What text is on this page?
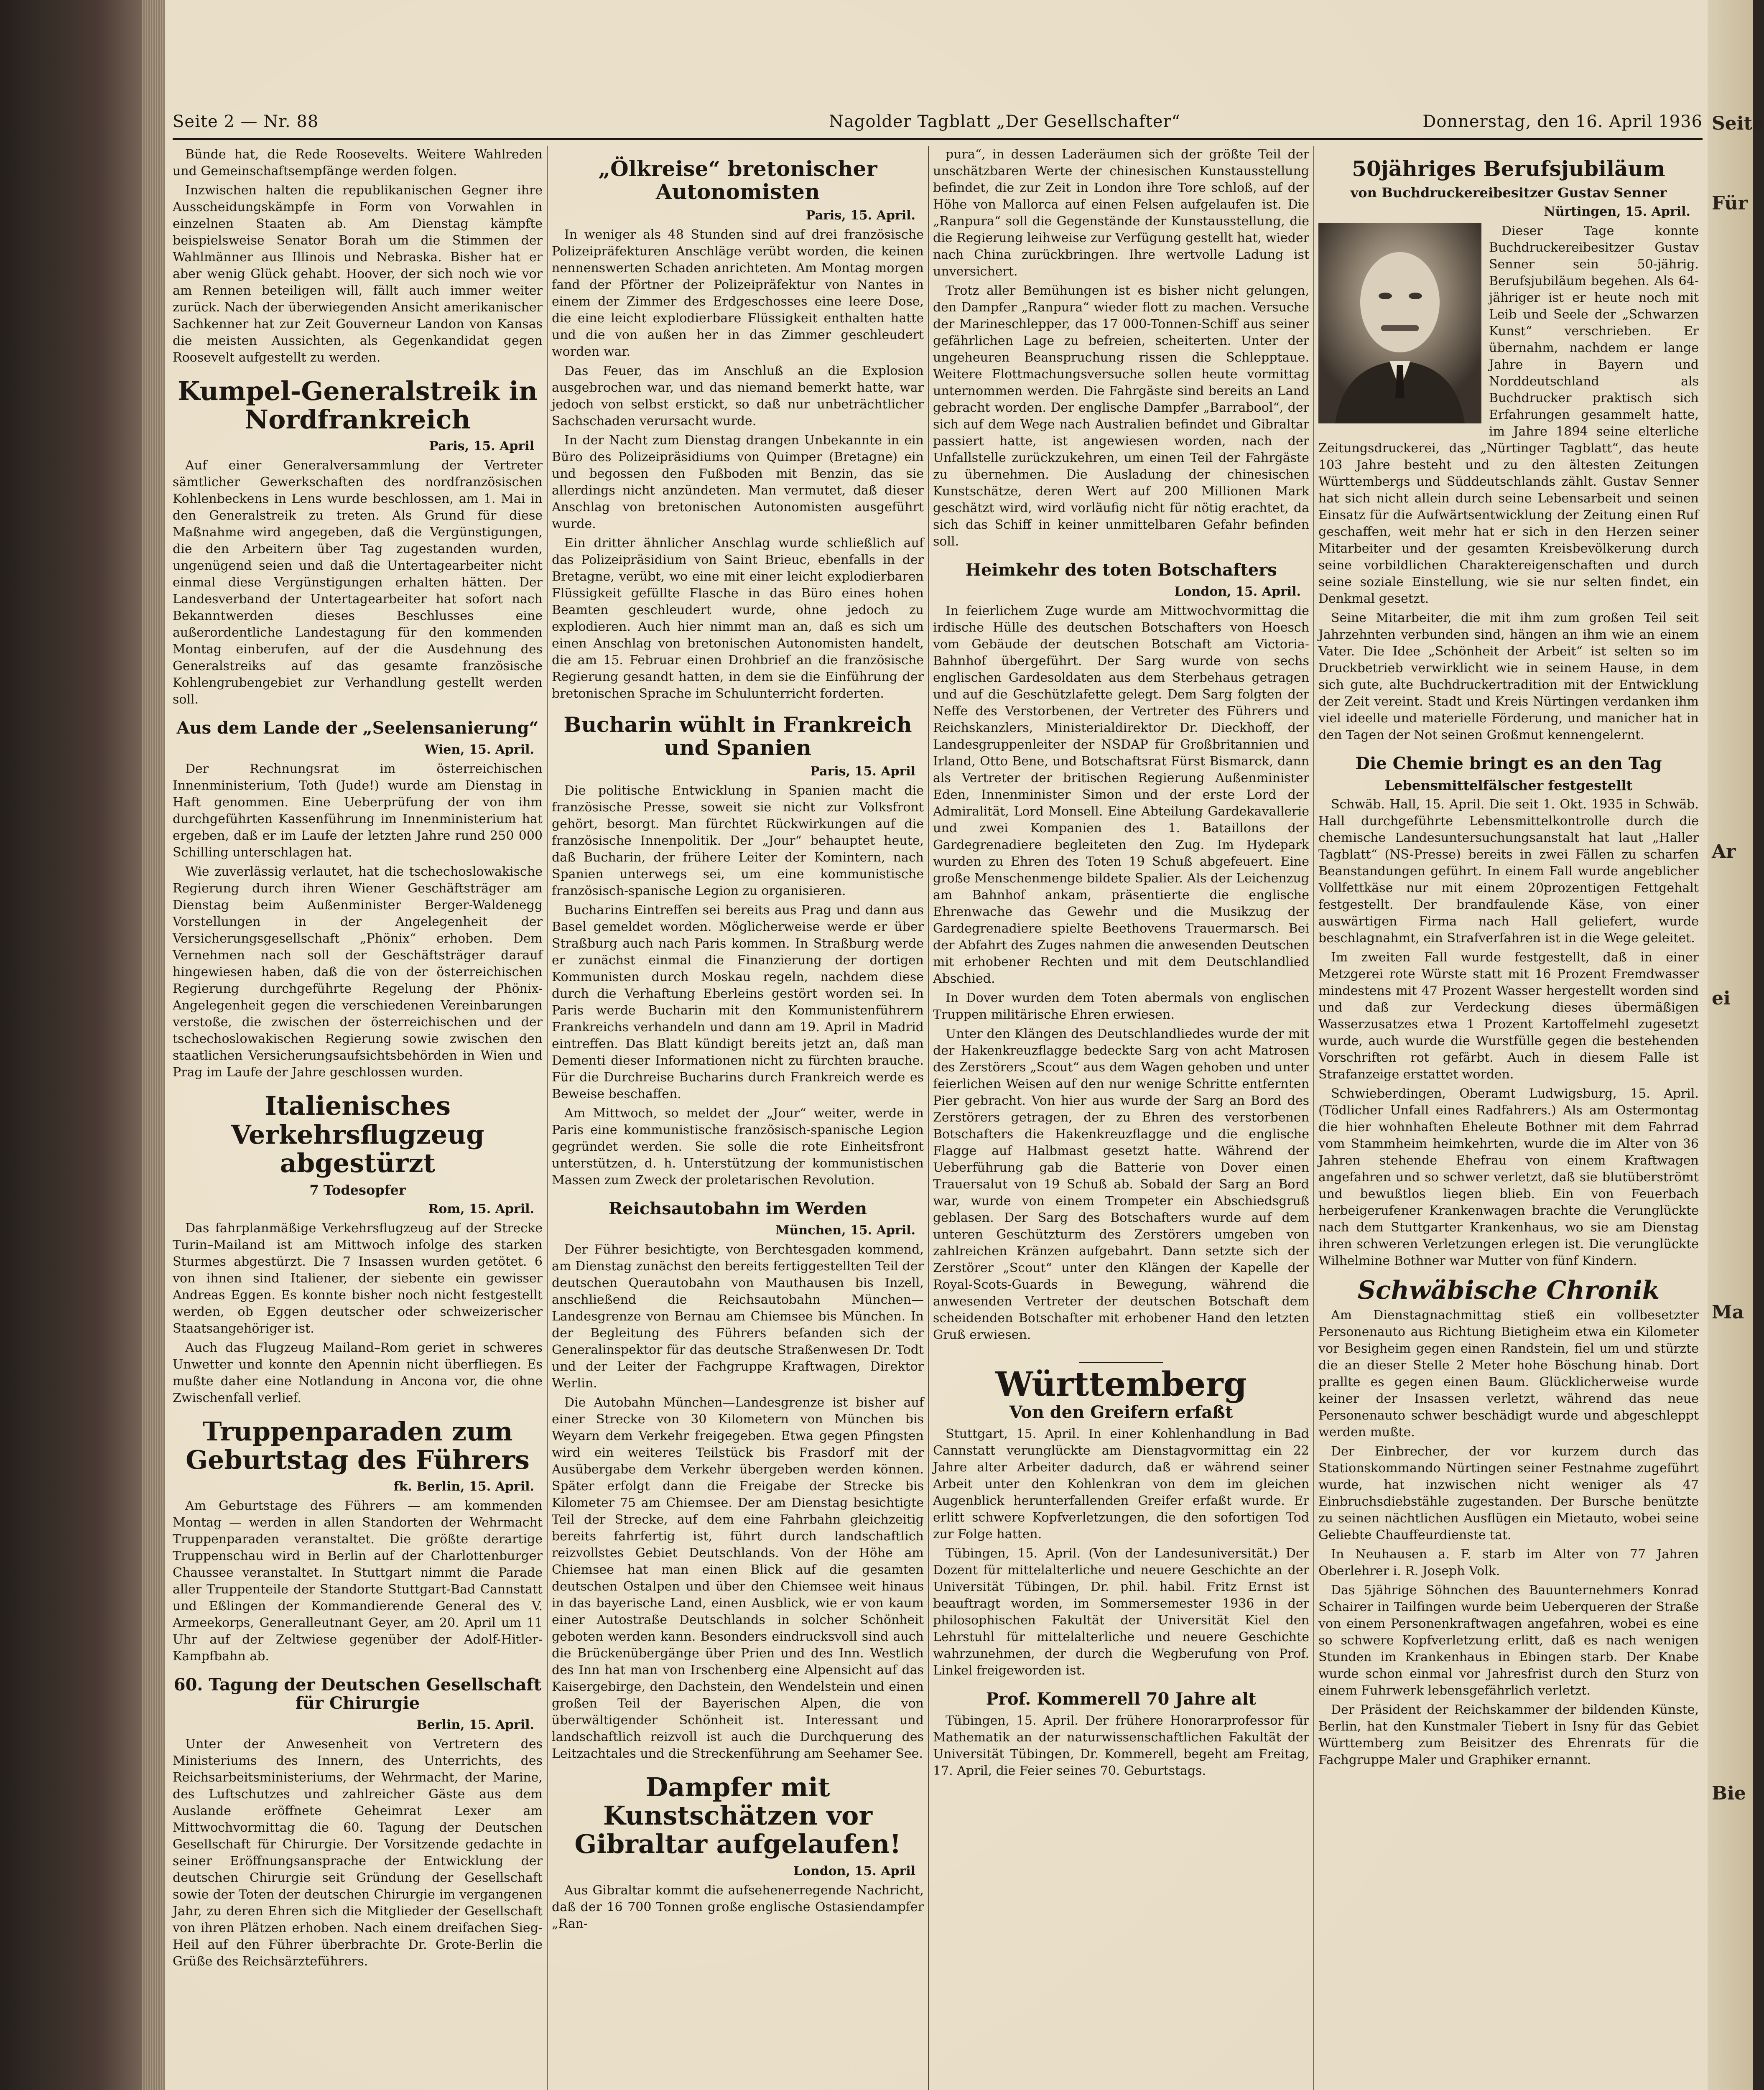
Seite 2 — Nr. 88	Nagolder Tagblatt „Der Gesellschafter“	Donnerstag, den 16. April 1936

Bünde hat, die Rede Roosevelts. Weitere Wahlreden und Gemeinschaftsempfänge werden folgen.

Inzwischen halten die republikanischen Gegner ihre Ausscheidungskämpfe in Form von Vorwahlen in einzelnen Staaten ab. Am Dienstag kämpfte beispielsweise Senator Borah um die Stimmen der Wahlmänner aus Illinois und Nebraska. Bisher hat er aber wenig Glück gehabt. Hoover, der sich noch wie vor am Rennen beteiligen will, fällt auch immer weiter zurück. Nach der überwiegenden Ansicht amerikanischer Sachkenner hat zur Zeit Gouverneur Landon von Kansas die meisten Aussichten, als Gegenkandidat gegen Roosevelt aufgestellt zu werden.

Kumpel-Generalstreik in Nordfrankreich
Paris, 15. April

Auf einer Generalversammlung der Vertreter sämtlicher Gewerkschaften des nordfranzösischen Kohlenbeckens in Lens wurde beschlossen, am 1. Mai in den Generalstreik zu treten. Als Grund für diese Maßnahme wird angegeben, daß die Vergünstigungen, die den Arbeitern über Tag zugestanden wurden, ungenügend seien und daß die Untertagearbeiter nicht einmal diese Vergünstigungen erhalten hätten. Der Landesverband der Untertagearbeiter hat sofort nach Bekanntwerden dieses Beschlusses eine außerordentliche Landestagung für den kommenden Montag einberufen, auf der die Ausdehnung des Generalstreiks auf das gesamte französische Kohlengrubengebiet zur Verhandlung gestellt werden soll.

Aus dem Lande der „Seelensanierung“
Wien, 15. April.

Der Rechnungsrat im österreichischen Innenministerium, Toth (Jude!) wurde am Dienstag in Haft genommen. Eine Ueberprüfung der von ihm durchgeführten Kassenführung im Innenministerium hat ergeben, daß er im Laufe der letzten Jahre rund 250 000 Schilling unterschlagen hat.

Wie zuverlässig verlautet, hat die tschechoslowakische Regierung durch ihren Wiener Geschäftsträger am Dienstag beim Außenminister Berger-Waldenegg Vorstellungen in der Angelegenheit der Versicherungsgesellschaft „Phönix“ erhoben. Dem Vernehmen nach soll der Geschäftsträger darauf hingewiesen haben, daß die von der österreichischen Regierung durchgeführte Regelung der Phönix-Angelegenheit gegen die verschiedenen Vereinbarungen verstoße, die zwischen der österreichischen und der tschechoslowakischen Regierung sowie zwischen den staatlichen Versicherungsaufsichtsbehörden in Wien und Prag im Laufe der Jahre geschlossen wurden.

Italienisches Verkehrsflugzeug abgestürzt
7 Todesopfer
Rom, 15. April.

Das fahrplanmäßige Verkehrsflugzeug auf der Strecke Turin–Mailand ist am Mittwoch infolge des starken Sturmes abgestürzt. Die 7 Insassen wurden getötet. 6 von ihnen sind Italiener, der siebente ein gewisser Andreas Eggen. Es konnte bisher noch nicht festgestellt werden, ob Eggen deutscher oder schweizerischer Staatsangehöriger ist.

Auch das Flugzeug Mailand–Rom geriet in schweres Unwetter und konnte den Apennin nicht überfliegen. Es mußte daher eine Notlandung in Ancona vor, die ohne Zwischenfall verlief.

Truppenparaden zum Geburtstag des Führers
fk. Berlin, 15. April.

Am Geburtstage des Führers — am kommenden Montag — werden in allen Standorten der Wehrmacht Truppenparaden veranstaltet. Die größte derartige Truppenschau wird in Berlin auf der Charlottenburger Chaussee veranstaltet. In Stuttgart nimmt die Parade aller Truppenteile der Standorte Stuttgart-Bad Cannstatt und Eßlingen der Kommandierende General des V. Armeekorps, Generalleutnant Geyer, am 20. April um 11 Uhr auf der Zeltwiese gegenüber der Adolf-Hitler-Kampfbahn ab.

60. Tagung der Deutschen Gesellschaft für Chirurgie
Berlin, 15. April.

Unter der Anwesenheit von Vertretern des Ministeriums des Innern, des Unterrichts, des Reichsarbeitsministeriums, der Wehrmacht, der Marine, des Luftschutzes und zahlreicher Gäste aus dem Auslande eröffnete Geheimrat Lexer am Mittwochvormittag die 60. Tagung der Deutschen Gesellschaft für Chirurgie. Der Vorsitzende gedachte in seiner Eröffnungsansprache der Entwicklung der deutschen Chirurgie seit Gründung der Gesellschaft sowie der Toten der deutschen Chirurgie im vergangenen Jahr, zu deren Ehren sich die Mitglieder der Gesellschaft von ihren Plätzen erhoben. Nach einem dreifachen Sieg-Heil auf den Führer überbrachte Dr. Grote-Berlin die Grüße des Reichsärzteführers.

„Ölkreise“ bretonischer Autonomisten
Paris, 15. April.

In weniger als 48 Stunden sind auf drei französische Polizeipräfekturen Anschläge verübt worden, die keinen nennenswerten Schaden anrichteten. Am Montag morgen fand der Pförtner der Polizeipräfektur von Nantes in einem der Zimmer des Erdgeschosses eine leere Dose, die eine leicht explodierbare Flüssigkeit enthalten hatte und die von außen her in das Zimmer geschleudert worden war.

Das Feuer, das im Anschluß an die Explosion ausgebrochen war, und das niemand bemerkt hatte, war jedoch von selbst erstickt, so daß nur unbeträchtlicher Sachschaden verursacht wurde.

In der Nacht zum Dienstag drangen Unbekannte in ein Büro des Polizeipräsidiums von Quimper (Bretagne) ein und begossen den Fußboden mit Benzin, das sie allerdings nicht anzündeten. Man vermutet, daß dieser Anschlag von bretonischen Autonomisten ausgeführt wurde.

Ein dritter ähnlicher Anschlag wurde schließlich auf das Polizeipräsidium von Saint Brieuc, ebenfalls in der Bretagne, verübt, wo eine mit einer leicht explodierbaren Flüssigkeit gefüllte Flasche in das Büro eines hohen Beamten geschleudert wurde, ohne jedoch zu explodieren. Auch hier nimmt man an, daß es sich um einen Anschlag von bretonischen Autonomisten handelt, die am 15. Februar einen Drohbrief an die französische Regierung gesandt hatten, in dem sie die Einführung der bretonischen Sprache im Schulunterricht forderten.

Bucharin wühlt in Frankreich und Spanien
Paris, 15. April

Die politische Entwicklung in Spanien macht die französische Presse, soweit sie nicht zur Volksfront gehört, besorgt. Man fürchtet Rückwirkungen auf die französische Innenpolitik. Der „Jour“ behauptet heute, daß Bucharin, der frühere Leiter der Komintern, nach Spanien unterwegs sei, um eine kommunistische französisch-spanische Legion zu organisieren.

Bucharins Eintreffen sei bereits aus Prag und dann aus Basel gemeldet worden. Möglicherweise werde er über Straßburg auch nach Paris kommen. In Straßburg werde er zunächst einmal die Finanzierung der dortigen Kommunisten durch Moskau regeln, nachdem diese durch die Verhaftung Eberleins gestört worden sei. In Paris werde Bucharin mit den Kommunistenführern Frankreichs verhandeln und dann am 19. April in Madrid eintreffen. Das Blatt kündigt bereits jetzt an, daß man Dementi dieser Informationen nicht zu fürchten brauche. Für die Durchreise Bucharins durch Frankreich werde es Beweise beschaffen.

Am Mittwoch, so meldet der „Jour“ weiter, werde in Paris eine kommunistische französisch-spanische Legion gegründet werden. Sie solle die rote Einheitsfront unterstützen, d. h. Unterstützung der kommunistischen Massen zum Zweck der proletarischen Revolution.

Reichsautobahn im Werden
München, 15. April.

Der Führer besichtigte, von Berchtesgaden kommend, am Dienstag zunächst den bereits fertiggestellten Teil der deutschen Querautobahn von Mauthausen bis Inzell, anschließend die Reichsautobahn München—Landesgrenze von Bernau am Chiemsee bis München. In der Begleitung des Führers befanden sich der Generalinspektor für das deutsche Straßenwesen Dr. Todt und der Leiter der Fachgruppe Kraftwagen, Direktor Werlin.

Die Autobahn München—Landesgrenze ist bisher auf einer Strecke von 30 Kilometern von München bis Weyarn dem Verkehr freigegeben. Etwa gegen Pfingsten wird ein weiteres Teilstück bis Frasdorf mit der Ausübergabe dem Verkehr übergeben werden können. Später erfolgt dann die Freigabe der Strecke bis Kilometer 75 am Chiemsee. Der am Dienstag besichtigte Teil der Strecke, auf dem eine Fahrbahn gleichzeitig bereits fahrfertig ist, führt durch landschaftlich reizvollstes Gebiet Deutschlands. Von der Höhe am Chiemsee hat man einen Blick auf die gesamten deutschen Ostalpen und über den Chiemsee weit hinaus in das bayerische Land, einen Ausblick, wie er von kaum einer Autostraße Deutschlands in solcher Schönheit geboten werden kann. Besonders eindrucksvoll sind auch die Brückenübergänge über Prien und des Inn. Westlich des Inn hat man von Irschenberg eine Alpensicht auf das Kaisergebirge, den Dachstein, den Wendelstein und einen großen Teil der Bayerischen Alpen, die von überwältigender Schönheit ist. Interessant und landschaftlich reizvoll ist auch die Durchquerung des Leitzachtales und die Streckenführung am Seehamer See.

Dampfer mit Kunstschätzen vor Gibraltar aufgelaufen!
London, 15. April

Aus Gibraltar kommt die aufsehenerregende Nachricht, daß der 16 700 Tonnen große englische Ostasiendampfer „Ran-

pura“, in dessen Laderäumen sich der größte Teil der unschätzbaren Werte der chinesischen Kunstausstellung befindet, die zur Zeit in London ihre Tore schloß, auf der Höhe von Mallorca auf einen Felsen aufgelaufen ist. Die „Ranpura“ soll die Gegenstände der Kunstausstellung, die die Regierung leihweise zur Verfügung gestellt hat, wieder nach China zurückbringen. Ihre wertvolle Ladung ist unversichert.

Trotz aller Bemühungen ist es bisher nicht gelungen, den Dampfer „Ranpura“ wieder flott zu machen. Versuche der Marineschlepper, das 17 000-Tonnen-Schiff aus seiner gefährlichen Lage zu befreien, scheiterten. Unter der ungeheuren Beanspruchung rissen die Schlepptaue. Weitere Flottmachungsversuche sollen heute vormittag unternommen werden. Die Fahrgäste sind bereits an Land gebracht worden. Der englische Dampfer „Barrabool“, der sich auf dem Wege nach Australien befindet und Gibraltar passiert hatte, ist angewiesen worden, nach der Unfallstelle zurückzukehren, um einen Teil der Fahrgäste zu übernehmen. Die Ausladung der chinesischen Kunstschätze, deren Wert auf 200 Millionen Mark geschätzt wird, wird vorläufig nicht für nötig erachtet, da sich das Schiff in keiner unmittelbaren Gefahr befinden soll.

Heimkehr des toten Botschafters
London, 15. April.

In feierlichem Zuge wurde am Mittwochvormittag die irdische Hülle des deutschen Botschafters von Hoesch vom Gebäude der deutschen Botschaft am Victoria-Bahnhof übergeführt. Der Sarg wurde von sechs englischen Gardesoldaten aus dem Sterbehaus getragen und auf die Geschützlafette gelegt. Dem Sarg folgten der Neffe des Verstorbenen, der Vertreter des Führers und Reichskanzlers, Ministerialdirektor Dr. Dieckhoff, der Landesgruppenleiter der NSDAP für Großbritannien und Irland, Otto Bene, und Botschaftsrat Fürst Bismarck, dann als Vertreter der britischen Regierung Außenminister Eden, Innenminister Simon und der erste Lord der Admiralität, Lord Monsell. Eine Abteilung Gardekavallerie und zwei Kompanien des 1. Bataillons der Gardegrenadiere begleiteten den Zug. Im Hydepark wurden zu Ehren des Toten 19 Schuß abgefeuert. Eine große Menschenmenge bildete Spalier. Als der Leichenzug am Bahnhof ankam, präsentierte die englische Ehrenwache das Gewehr und die Musikzug der Gardegrenadiere spielte Beethovens Trauermarsch. Bei der Abfahrt des Zuges nahmen die anwesenden Deutschen mit erhobener Rechten und mit dem Deutschlandlied Abschied.

In Dover wurden dem Toten abermals von englischen Truppen militärische Ehren erwiesen.

Unter den Klängen des Deutschlandliedes wurde der mit der Hakenkreuzflagge bedeckte Sarg von acht Matrosen des Zerstörers „Scout“ aus dem Wagen gehoben und unter feierlichen Weisen auf den nur wenige Schritte entfernten Pier gebracht. Von hier aus wurde der Sarg an Bord des Zerstörers getragen, der zu Ehren des verstorbenen Botschafters die Hakenkreuzflagge und die englische Flagge auf Halbmast gesetzt hatte. Während der Ueberführung gab die Batterie von Dover einen Trauersalut von 19 Schuß ab. Sobald der Sarg an Bord war, wurde von einem Trompeter ein Abschiedsgruß geblasen. Der Sarg des Botschafters wurde auf dem unteren Geschützturm des Zerstörers umgeben von zahlreichen Kränzen aufgebahrt. Dann setzte sich der Zerstörer „Scout“ unter den Klängen der Kapelle der Royal-Scots-Guards in Bewegung, während die anwesenden Vertreter der deutschen Botschaft dem scheidenden Botschafter mit erhobener Hand den letzten Gruß erwiesen.

Württemberg
Von den Greifern erfaßt

Stuttgart, 15. April. In einer Kohlenhandlung in Bad Cannstatt verunglückte am Dienstagvormittag ein 22 Jahre alter Arbeiter dadurch, daß er während seiner Arbeit unter den Kohlenkran von dem im gleichen Augenblick herunterfallenden Greifer erfaßt wurde. Er erlitt schwere Kopfverletzungen, die den sofortigen Tod zur Folge hatten.

Tübingen, 15. April. (Von der Landesuniversität.) Der Dozent für mittelalterliche und neuere Geschichte an der Universität Tübingen, Dr. phil. habil. Fritz Ernst ist beauftragt worden, im Sommersemester 1936 in der philosophischen Fakultät der Universität Kiel den Lehrstuhl für mittelalterliche und neuere Geschichte wahrzunehmen, der durch die Wegberufung von Prof. Linkel freigeworden ist.

Prof. Kommerell 70 Jahre alt

Tübingen, 15. April. Der frühere Honorarprofessor für Mathematik an der naturwissenschaftlichen Fakultät der Universität Tübingen, Dr. Kommerell, begeht am Freitag, 17. April, die Feier seines 70. Geburtstags.

50jähriges Berufsjubiläum
von Buchdruckereibesitzer Gustav Senner
Nürtingen, 15. April.

Dieser Tage konnte Buchdruckereibesitzer Gustav Senner sein 50-jährig. Berufsjubiläum begehen. Als 64-jähriger ist er heute noch mit Leib und Seele der „Schwarzen Kunst“ verschrieben. Er übernahm, nachdem er lange Jahre in Bayern und Norddeutschland als Buchdrucker praktisch sich Erfahrungen gesammelt hatte, im Jahre 1894 seine elterliche Zeitungsdruckerei, das „Nürtinger Tagblatt“, das heute 103 Jahre besteht und zu den ältesten Zeitungen Württembergs und Süddeutschlands zählt. Gustav Senner hat sich nicht allein durch seine Lebensarbeit und seinen Einsatz für die Aufwärtsentwicklung der Zeitung einen Ruf geschaffen, weit mehr hat er sich in den Herzen seiner Mitarbeiter und der gesamten Kreisbevölkerung durch seine vorbildlichen Charaktereigenschaften und durch seine soziale Einstellung, wie sie nur selten findet, ein Denkmal gesetzt.

Seine Mitarbeiter, die mit ihm zum großen Teil seit Jahrzehnten verbunden sind, hängen an ihm wie an einem Vater. Die Idee „Schönheit der Arbeit“ ist selten so im Druckbetrieb verwirklicht wie in seinem Hause, in dem sich gute, alte Buchdruckertradition mit der Entwicklung der Zeit vereint. Stadt und Kreis Nürtingen verdanken ihm viel ideelle und materielle Förderung, und manicher hat in den Tagen der Not seinen Großmut kennengelernt.

Die Chemie bringt es an den Tag
Lebensmittelfälscher festgestellt

Schwäb. Hall, 15. April. Die seit 1. Okt. 1935 in Schwäb. Hall durchgeführte Lebensmittelkontrolle durch die chemische Landesuntersuchungsanstalt hat laut „Haller Tagblatt“ (NS-Presse) bereits in zwei Fällen zu scharfen Beanstandungen geführt. In einem Fall wurde angeblicher Vollfettkäse nur mit einem 20prozentigen Fettgehalt festgestellt. Der brandfaulende Käse, von einer auswärtigen Firma nach Hall geliefert, wurde beschlagnahmt, ein Strafverfahren ist in die Wege geleitet.

Im zweiten Fall wurde festgestellt, daß in einer Metzgerei rote Würste statt mit 16 Prozent Fremdwasser mindestens mit 47 Prozent Wasser hergestellt worden sind und daß zur Verdeckung dieses übermäßigen Wasserzusatzes etwa 1 Prozent Kartoffelmehl zugesetzt wurde, auch wurde die Wurstfülle gegen die bestehenden Vorschriften rot gefärbt. Auch in diesem Falle ist Strafanzeige erstattet worden.

Schwieberdingen, Oberamt Ludwigsburg, 15. April. (Tödlicher Unfall eines Radfahrers.) Als am Ostermontag die hier wohnhaften Eheleute Bothner mit dem Fahrrad vom Stammheim heimkehrten, wurde die im Alter von 36 Jahren stehende Ehefrau von einem Kraftwagen angefahren und so schwer verletzt, daß sie blutüberströmt und bewußtlos liegen blieb. Ein von Feuerbach herbeigerufener Krankenwagen brachte die Verunglückte nach dem Stuttgarter Krankenhaus, wo sie am Dienstag ihren schweren Verletzungen erlegen ist. Die verunglückte Wilhelmine Bothner war Mutter von fünf Kindern.

Schwäbische Chronik

Am Dienstagnachmittag stieß ein vollbesetzter Personenauto aus Richtung Bietigheim etwa ein Kilometer vor Besigheim gegen einen Randstein, fiel um und stürzte die an dieser Stelle 2 Meter hohe Böschung hinab. Dort prallte es gegen einen Baum. Glücklicherweise wurde keiner der Insassen verletzt, während das neue Personenauto schwer beschädigt wurde und abgeschleppt werden mußte.

Der Einbrecher, der vor kurzem durch das Stationskommando Nürtingen seiner Festnahme zugeführt wurde, hat inzwischen nicht weniger als 47 Einbruchsdiebstähle zugestanden. Der Bursche benützte zu seinen nächtlichen Ausflügen ein Mietauto, wobei seine Geliebte Chauffeurdienste tat.

In Neuhausen a. F. starb im Alter von 77 Jahren Oberlehrer i. R. Joseph Volk.

Das 5jährige Söhnchen des Bauunternehmers Konrad Schairer in Tailfingen wurde beim Ueberqueren der Straße von einem Personenkraftwagen angefahren, wobei es eine so schwere Kopfverletzung erlitt, daß es nach wenigen Stunden im Krankenhaus in Ebingen starb. Der Knabe wurde schon einmal vor Jahresfrist durch den Sturz von einem Fuhrwerk lebensgefährlich verletzt.

Der Präsident der Reichskammer der bildenden Künste, Berlin, hat den Kunstmaler Tiebert in Isny für das Gebiet Württemberg zum Beisitzer des Ehrenrats für die Fachgruppe Maler und Graphiker ernannt.

Seite
Für
Ar
ei
Ma
Bie
